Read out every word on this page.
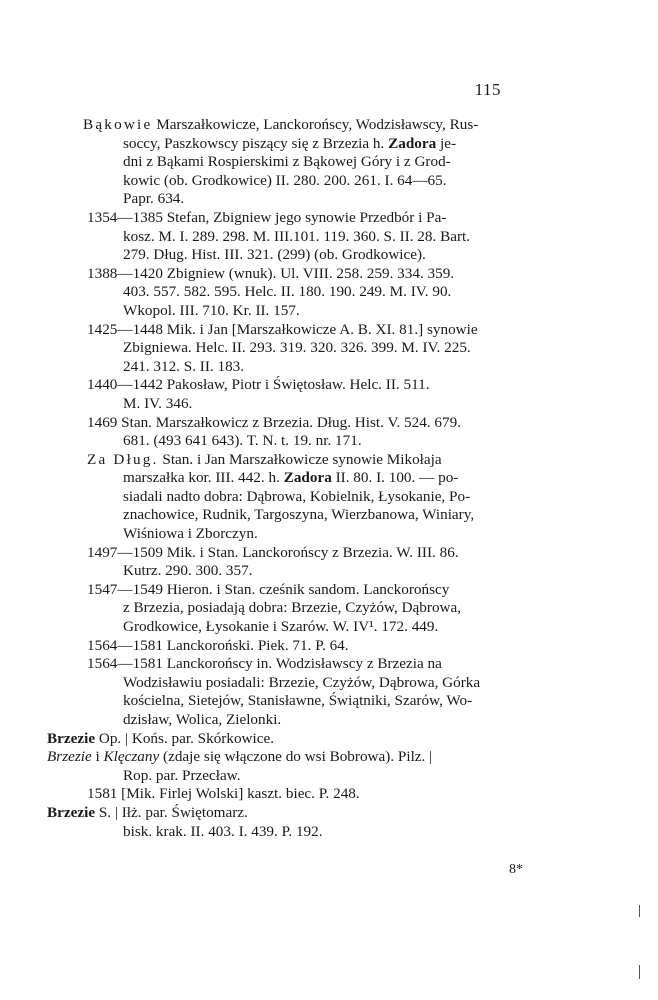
115
Bąkowie Marszałkowicze, Lanckorońscy, Wodzisławscy, Rus-
soccy, Paszkowscy piszący się z Brzezia h. Zadora je-
dni z Bąkami Rospierskimi z Bąkowej Góry i z Grod-
kowic (ob. Grodkowice) II. 280. 200. 261. I. 64—65.
Papr. 634.
1354—1385 Stefan, Zbigniew jego synowie Przedbór i Pa-
kosz. M. I. 289. 298. M. III.101. 119. 360. S. II. 28. Bart.
279. Dług. Hist. III. 321. (299) (ob. Grodkowice).
1388—1420 Zbigniew (wnuk). Ul. VIII. 258. 259. 334. 359.
403. 557. 582. 595. Helc. II. 180. 190. 249. M. IV. 90.
Wkopol. III. 710. Kr. II. 157.
1425—1448 Mik. i Jan [Marszałkowicze A. B. XI. 81.] synowie
Zbigniewa. Helc. II. 293. 319. 320. 326. 399. M. IV. 225.
241. 312. S. II. 183.
1440—1442 Pakosław, Piotr i Świętosław. Helc. II. 511.
M. IV. 346.
1469 Stan. Marszałkowicz z Brzezia. Dług. Hist. V. 524. 679.
681. (493 641 643). T. N. t. 19. nr. 171.
Za Dług. Stan. i Jan Marszałkowicze synowie Mikołaja
marszałka kor. III. 442. h. Zadora II. 80. I. 100. — po-
siadali nadto dobra: Dąbrowa, Kobielnik, Łysokanie, Po-
znachowice, Rudnik, Targoszyna, Wierzbanowa, Winiary,
Wiśniowa i Zborczyn.
1497—1509 Mik. i Stan. Lanckorońscy z Brzezia. W. III. 86.
Kutrz. 290. 300. 357.
1547—1549 Hieron. i Stan. cześnik sandom. Lanckorońscy
z Brzezia, posiadają dobra: Brzezie, Czyżów, Dąbrowa,
Grodkowice, Łysokanie i Szarów. W. IV¹. 172. 449.
1564—1581 Lanckoroński. Piek. 71. P. 64.
1564—1581 Lanckorońscy in. Wodzisławscy z Brzezia na
Wodzisławiu posiadali: Brzezie, Czyżów, Dąbrowa, Górka
kościelna, Sietejów, Stanisławne, Świątniki, Szarów, Wo-
dzisław, Wolica, Zielonki.
Brzezie Op. | Końs. par. Skórkowice.
Brzezie i Klęczany (zdaje się włączone do wsi Bobrowa). Pilz. |
Rop. par. Przecław.
1581 [Mik. Firlej Wolski] kaszt. biec. P. 248.
Brzezie S. | Iłż. par. Świętomarz.
bisk. krak. II. 403. I. 439. P. 192.
8*
